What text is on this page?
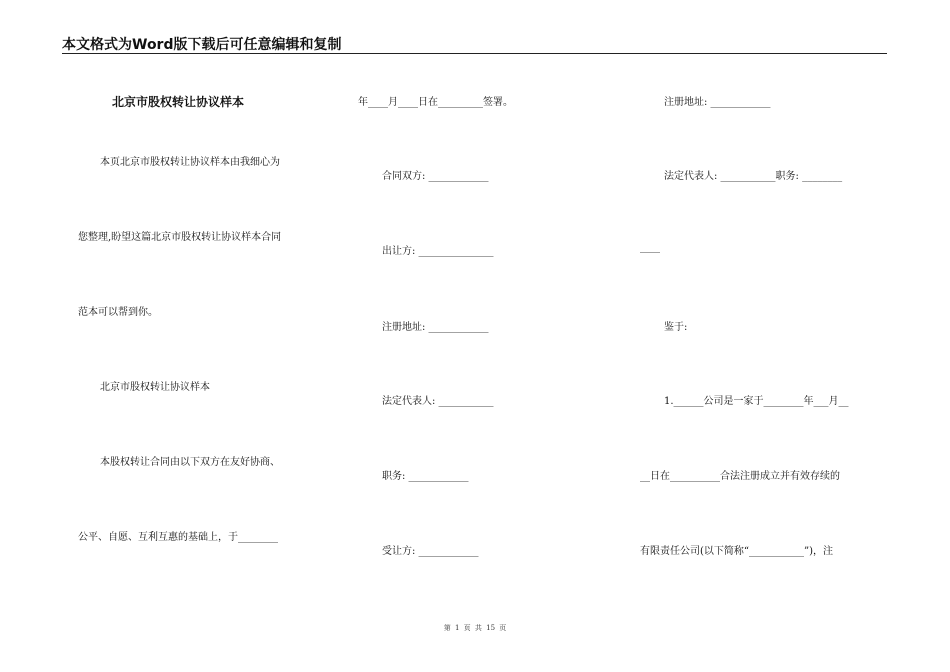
本文格式为Word版下载后可任意编辑和复制
北京市股权转让协议样本
本页北京市股权转让协议样本由我细心为
您整理,盼望这篇北京市股权转让协议样本合同
范本可以帮到你。
北京市股权转让协议样本
本股权转让合同由以下双方在友好协商、
公平、自愿、互利互惠的基础上，于________
年____月____日在_________签署。
合同双方: ____________
出让方: _______________
注册地址: ____________
法定代表人: ___________
职务: ____________
受让方: ____________
注册地址: ____________
法定代表人: ___________职务: ________
____
鉴于:
1.______公司是一家于________年___月__
__日在__________合法注册成立并有效存续的
有限责任公司(以下简称“___________”)，注
第 1 页 共 15 页
